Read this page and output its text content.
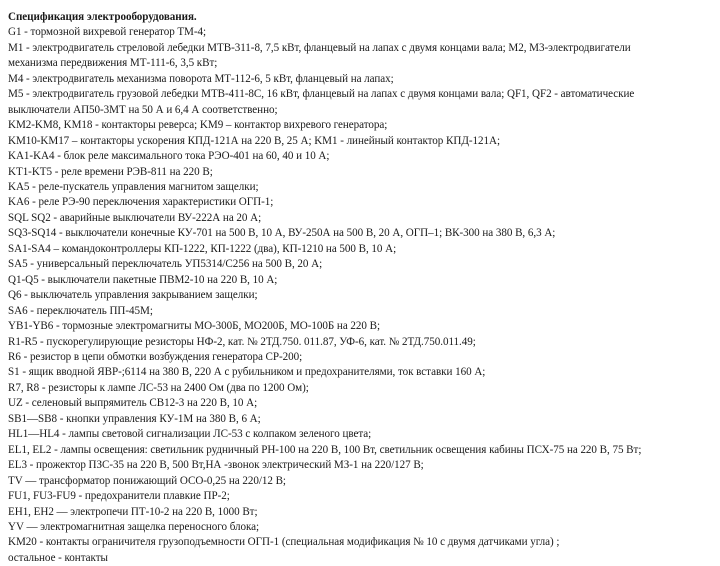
Спецификация электрооборудования.
G1 - тормозной вихревой генератор ТМ-4;
M1 - электродвигатель стреловой лебедки МТВ-311-8, 7,5 кВт, фланцевый на лапах с двумя концами вала; M2, M3-электродвигатели
механизма передвижения МТ-111-6, 3,5 кВт;
M4 - электродвигатель механизма поворота МТ-112-6, 5 кВт, фланцевый на лапах;
M5 - электродвигатель грузовой лебедки МТВ-411-8С, 16 кВт, фланцевый на лапах с двумя концами вала; QF1, QF2 - автоматические
выключатели АП50-3МТ на 50 А и 6,4 А соответственно;
KM2-KM8, KM18 - контакторы реверса; KM9 – контактор вихревого генератора;
KM10-KM17 – контакторы ускорения КПД-121А на 220 В, 25 А; KM1 - линейный контактор КПД-121А;
KA1-KA4 - блок реле максимального тока РЭО-401 на 60, 40 и 10 А;
KT1-KT5 - реле времени РЭВ-811 на 220 В;
KA5 - реле-пускатель управления магнитом защелки;
KA6 - реле РЭ-90 переключения характеристики ОГП-1;
SQL SQ2 - аварийные выключатели ВУ-222А на 20 А;
SQ3-SQ14 - выключатели конечные КУ-701 на 500 В, 10 А, ВУ-250А на 500 В, 20 А, ОГП–1; ВК-300 на 380 В, 6,3 А;
SA1-SA4 – командоконтроллеры КП-1222, КП-1222 (два), КП-1210 на 500 В, 10 А;
SA5 - универсальный переключатель УП5314/С256 на 500 В, 20 А;
Q1-Q5 - выключатели пакетные ПВМ2-10 на 220 В, 10 А;
Q6 - выключатель управления закрыванием защелки;
SA6 - переключатель ПП-45М;
YB1-YB6 - тормозные электромагниты МО-300Б, МО200Б, МО-100Б на 220 В;
R1-R5 - пускорегулирующие резисторы НФ-2, кат. № 2ТД.750. 011.87, УФ-6, кат. № 2ТД.750.011.49;
R6 - резистор в цепи обмотки возбуждения генератора СР-200;
S1 - ящик вводной ЯВР-;6114 на 380 В, 220 А с рубильником и предохранителями, ток вставки 160 А;
R7, R8 - резисторы к лампе ЛС-53 на 2400 Ом (два по 1200 Ом);
UZ - селеновый выпрямитель СВ12-3 на 220 В, 10 А;
SB1—SB8 - кнопки управления КУ-1М на 380 В, 6 А;
HL1—HL4 - лампы световой сигнализации ЛС-53 с колпаком зеленого цвета;
EL1, EL2 - лампы освещения: светильник рудничный РН-100 на 220 В, 100 Вт, светильник освещения кабины ПСХ-75 на 220 В, 75 Вт;
EL3 - прожектор ПЗС-35 на 220 В, 500 Вт,НА -звонок электрический МЗ-1 на 220/127 В;
TV — трансформатор понижающий ОСО-0,25 на 220/12 В;
FU1, FU3-FU9 - предохранители плавкие ПР-2;
EH1, EH2 — электропечи ПТ-10-2 на 220 В, 1000 Вт;
YV — электромагнитная защелка переносного блока;
KM20 - контакты ограничителя грузоподъемности ОГП-1 (специальная модификация № 10 с двумя датчиками угла) ;
остальное - контакты
